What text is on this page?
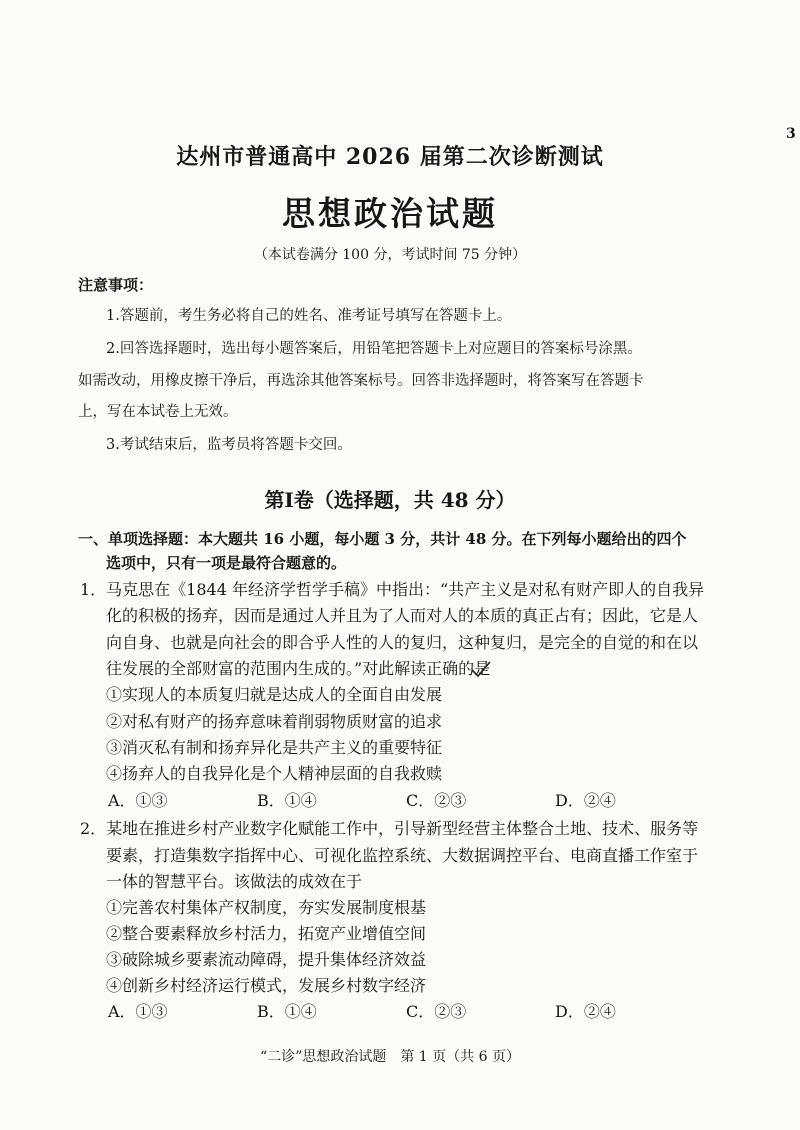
3
达州市普通高中 2026 届第二次诊断测试
思想政治试题
（本试卷满分 100 分，考试时间 75 分钟）
注意事项：
1.答题前，考生务必将自己的姓名、准考证号填写在答题卡上。
2.回答选择题时，选出每小题答案后，用铅笔把答题卡上对应题目的答案标号涂黑。
如需改动，用橡皮擦干净后，再选涂其他答案标号。回答非选择题时，将答案写在答题卡
上，写在本试卷上无效。
3.考试结束后，监考员将答题卡交回。
第Ⅰ卷（选择题，共 48 分）
一、单项选择题：本大题共 16 小题，每小题 3 分，共计 48 分。在下列每小题给出的四个
选项中，只有一项是最符合题意的。
1．马克思在《1844 年经济学哲学手稿》中指出：“共产主义是对私有财产即人的自我异
化的积极的扬弃，因而是通过人并且为了人而对人的本质的真正占有；因此，它是人
向自身、也就是向社会的即合乎人性的人的复归，这种复归，是完全的自觉的和在以
往发展的全部财富的范围内生成的。”对此解读正确的是
①实现人的本质复归就是达成人的全面自由发展
②对私有财产的扬弃意味着削弱物质财富的追求
③消灭私有制和扬弃异化是共产主义的重要特征
④扬弃人的自我异化是个人精神层面的自我救赎
A．①③	B．①④	C．②③	D．②④
2．某地在推进乡村产业数字化赋能工作中，引导新型经营主体整合土地、技术、服务等
要素，打造集数字指挥中心、可视化监控系统、大数据调控平台、电商直播工作室于
一体的智慧平台。该做法的成效在于
①完善农村集体产权制度，夯实发展制度根基
②整合要素释放乡村活力，拓宽产业增值空间
③破除城乡要素流动障碍，提升集体经济效益
④创新乡村经济运行模式，发展乡村数字经济
A．①③	B．①④	C．②③	D．②④
“二诊”思想政治试题　第 1 页（共 6 页）
